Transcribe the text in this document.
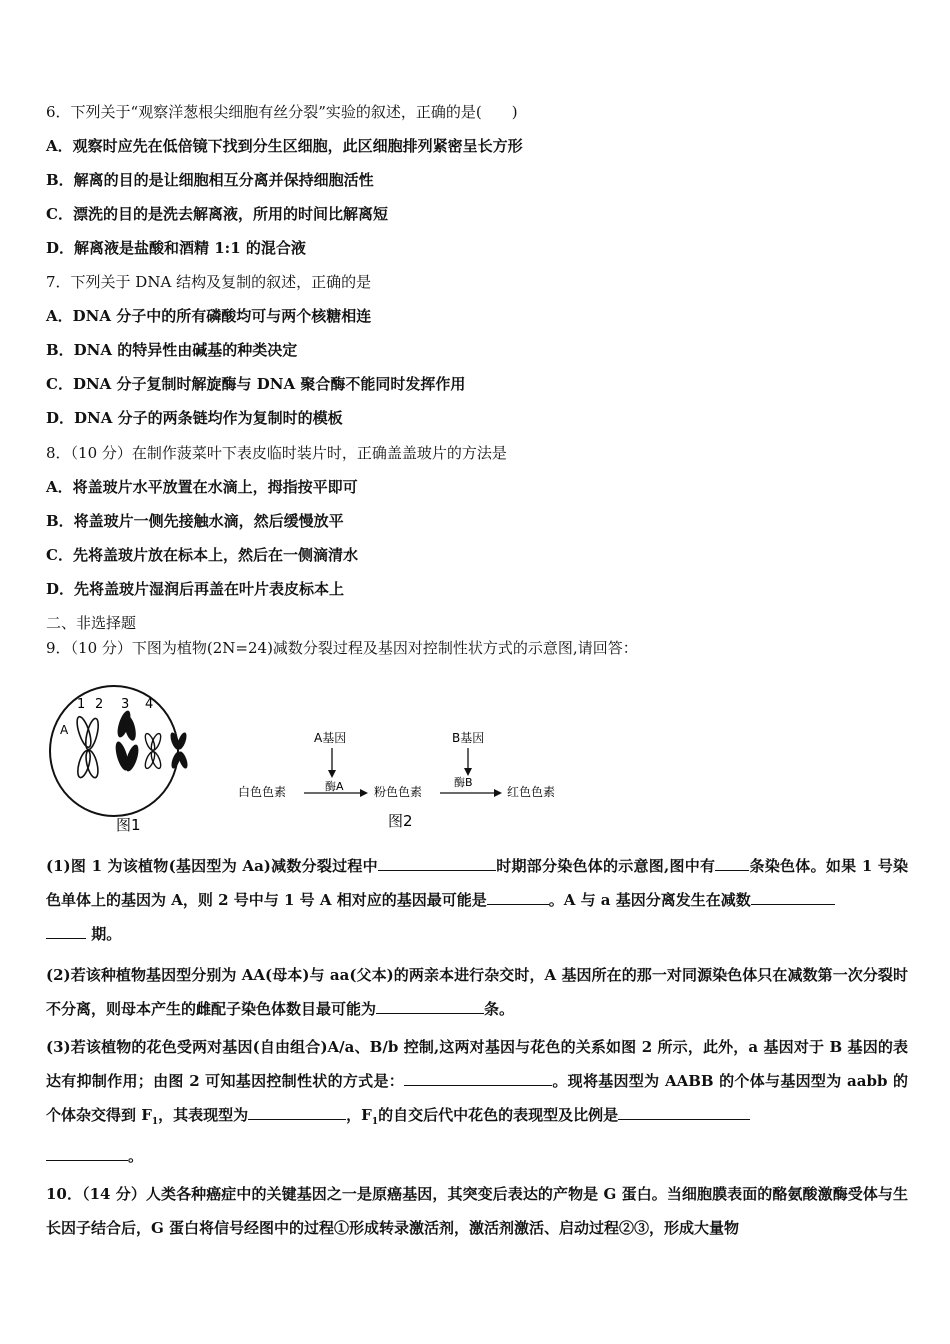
6．下列关于“观察洋葱根尖细胞有丝分裂”实验的叙述，正确的是(　　)
A．观察时应先在低倍镜下找到分生区细胞，此区细胞排列紧密呈长方形
B．解离的目的是让细胞相互分离并保持细胞活性
C．漂洗的目的是洗去解离液，所用的时间比解离短
D．解离液是盐酸和酒精 1:1 的混合液
7．下列关于 DNA 结构及复制的叙述，正确的是
A．DNA 分子中的所有磷酸均可与两个核糖相连
B．DNA 的特异性由碱基的种类决定
C．DNA 分子复制时解旋酶与 DNA 聚合酶不能同时发挥作用
D．DNA 分子的两条链均作为复制时的模板
8．（10 分）在制作菠菜叶下表皮临时装片时，正确盖盖玻片的方法是
A．将盖玻片水平放置在水滴上，拇指按平即可
B．将盖玻片一侧先接触水滴，然后缓慢放平
C．先将盖玻片放在标本上，然后在一侧滴清水
D．先将盖玻片湿润后再盖在叶片表皮标本上
二、非选择题
9．（10 分）下图为植物(2N=24)减数分裂过程及基因对控制性状方式的示意图,请回答：
1 2 3 4
A
图1
A基因
酶A
B基因
酶B
白色色素	粉色色素	红色色素
图2
(1)图 1 为该植物(基因型为 Aa)减数分裂过程中	时期部分染色体的示意图,图中有 条染色体。如果 1 号染色单体上的基因为 A，则 2 号中与 1 号 A 相对应的基因最可能是	。A 与 a 基因分离发生在减数
期。
(2)若该种植物基因型分别为 AA(母本)与 aa(父本)的两亲本进行杂交时，A 基因所在的那一对同源染色体只在减数第一次分裂时不分离，则母本产生的雌配子染色体数目最可能为	条。
(3)若该植物的花色受两对基因(自由组合)A/a、B/b 控制,这两对基因与花色的关系如图 2 所示，此外，a 基因对于 B 基因的表达有抑制作用；由图 2 可知基因控制性状的方式是：	。现将基因型为 AABB 的个体与基因型为 aabb 的个体杂交得到 $F_1$，其表现型为	，$F_1$的自交后代中花色的表现型及比例是
。
10．（14 分）人类各种癌症中的关键基因之一是原癌基因，其突变后表达的产物是 G 蛋白。当细胞膜表面的酪氨酸激酶受体与生长因子结合后，G 蛋白将信号经图中的过程①形成转录激活剂，激活剂激活、启动过程②③，形成大量物
